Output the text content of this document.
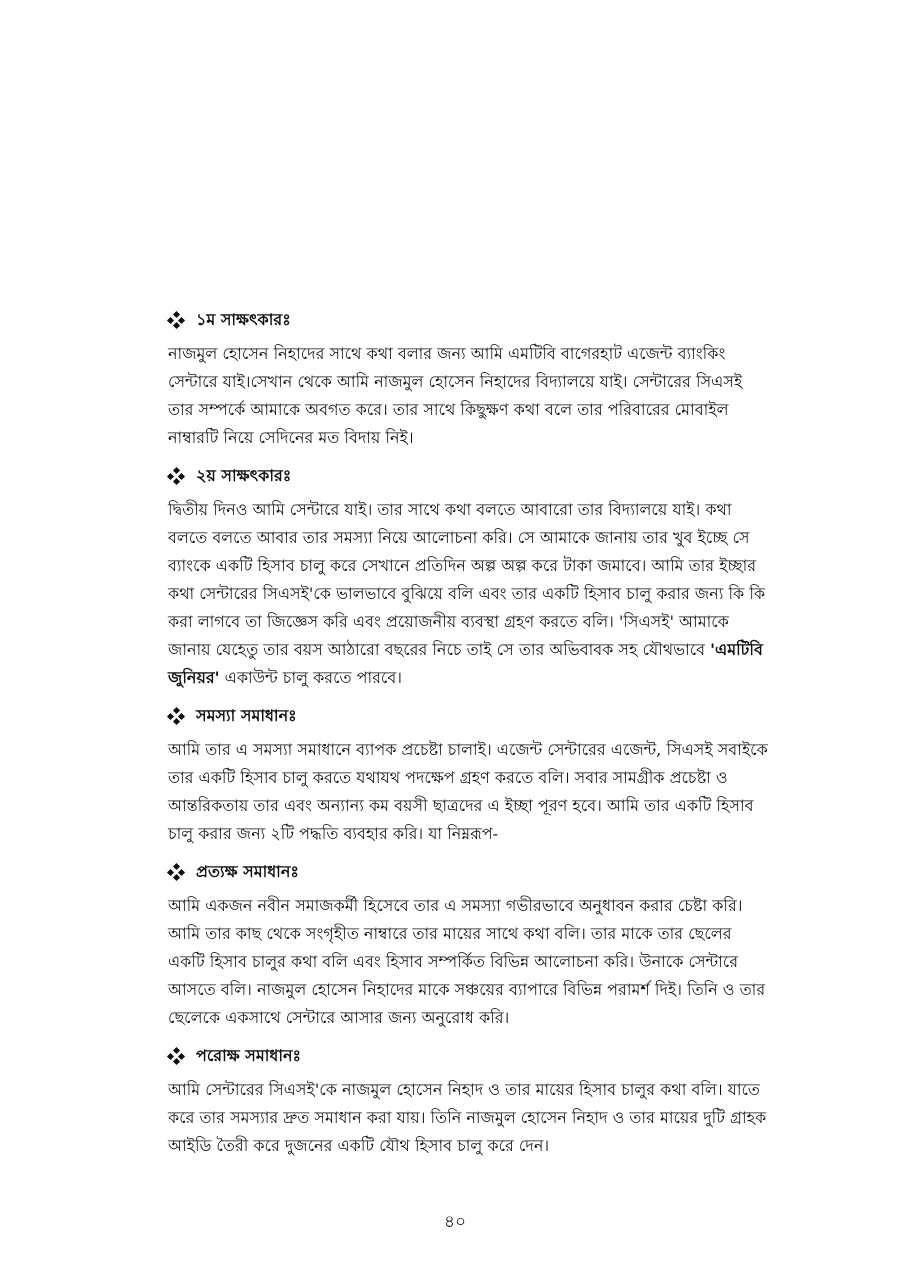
১ম সাক্ষৎকারঃ

নাজমুল হোসেন নিহাদের সাথে কথা বলার জন্য আমি এমটিবি বাগেরহাট এজেন্ট ব্যাংকিং সেন্টারে যাই।সেখান থেকে আমি নাজমুল হোসেন নিহাদের বিদ্যালয়ে যাই। সেন্টারের সিএসই তার সম্পর্কে আমাকে অবগত করে। তার সাথে কিছুক্ষণ কথা বলে তার পরিবারের মোবাইল নাম্বারটি নিয়ে সেদিনের মত বিদায় নিই।

২য় সাক্ষৎকারঃ

দ্বিতীয় দিনও আমি সেন্টারে যাই। তার সাথে কথা বলতে আবারো তার বিদ্যালয়ে যাই। কথা বলতে বলতে আবার তার সমস্যা নিয়ে আলোচনা করি। সে আমাকে জানায় তার খুব ইচ্ছে সে ব্যাংকে একটি হিসাব চালু করে সেখানে প্রতিদিন অল্প অল্প করে টাকা জমাবে। আমি তার ইচ্ছার কথা সেন্টারের সিএসই'কে ভালভাবে বুঝিয়ে বলি এবং তার একটি হিসাব চালু করার জন্য কি কি করা লাগবে তা জিজ্ঞেস করি এবং প্রয়োজনীয় ব্যবস্থা গ্রহণ করতে বলি। 'সিএসই' আমাকে জানায় যেহেতু তার বয়স আঠারো বছরের নিচে তাই সে তার অভিবাবক সহ যৌথভাবে 'এমটিবি জুনিয়র' একাউন্ট চালু করতে পারবে।

সমস্যা সমাধানঃ

আমি তার এ সমস্যা সমাধানে ব্যাপক প্রচেষ্টা চালাই। এজেন্ট সেন্টারের এজেন্ট, সিএসই সবাইকে তার একটি হিসাব চালু করতে যথাযথ পদক্ষেপ গ্রহণ করতে বলি। সবার সামগ্রীক প্রচেষ্টা ও আন্তরিকতায় তার এবং অন্যান্য কম বয়সী ছাত্রদের এ ইচ্ছা পূরণ হবে। আমি তার একটি হিসাব চালু করার জন্য ২টি পদ্ধতি ব্যবহার করি। যা নিম্নরূপ-

প্রত্যক্ষ সমাধানঃ

আমি একজন নবীন সমাজকর্মী হিসেবে তার এ সমস্যা গভীরভাবে অনুধাবন করার চেষ্টা করি। আমি তার কাছ থেকে সংগৃহীত নাম্বারে তার মায়ের সাথে কথা বলি। তার মাকে তার ছেলের একটি হিসাব চালুর কথা বলি এবং হিসাব সম্পর্কিত বিভিন্ন আলোচনা করি। উনাকে সেন্টারে আসতে বলি। নাজমুল হোসেন নিহাদের মাকে সঞ্চয়ের ব্যাপারে বিভিন্ন পরামর্শ দিই। তিনি ও তার ছেলেকে একসাথে সেন্টারে আসার জন্য অনুরোধ করি।

পরোক্ষ সমাধানঃ

আমি সেন্টারের সিএসই'কে নাজমুল হোসেন নিহাদ ও তার মায়ের হিসাব চালুর কথা বলি। যাতে করে তার সমস্যার দ্রুত সমাধান করা যায়। তিনি নাজমুল হোসেন নিহাদ ও তার মায়ের দুটি গ্রাহক আইডি তৈরী করে দুজনের একটি যৌথ হিসাব চালু করে দেন।

৪০
